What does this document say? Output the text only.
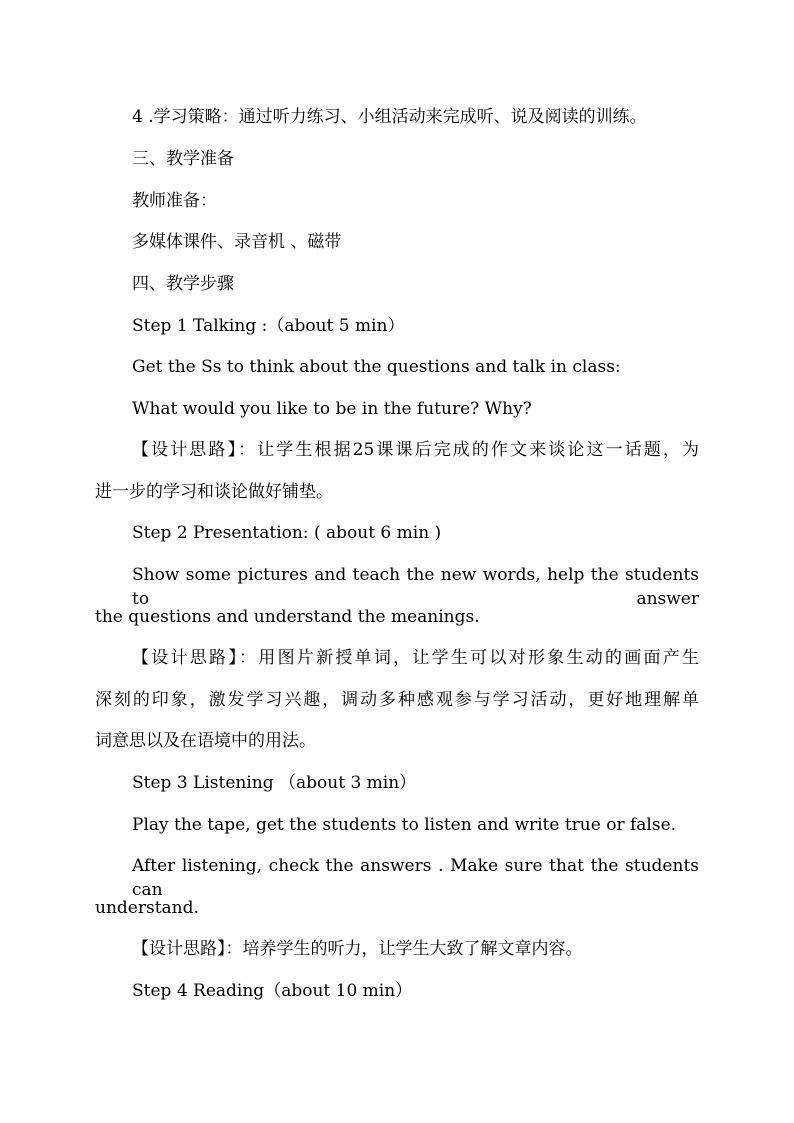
4 .学习策略：通过听力练习、小组活动来完成听、说及阅读的训练。
三、教学准备
教师准备：
多媒体课件、录音机 、磁带
四、教学步骤
Step 1 Talking :（about 5 min）
Get the Ss to think about the questions and talk in class:
What would you like to be in the future? Why?
【设计思路】：让学生根据25课课后完成的作文来谈论这一话题，为
进一步的学习和谈论做好铺垫。
Step 2 Presentation: ( about 6 min )
Show some pictures and teach the new words, help the students to answer
the questions and understand the meanings.
【设计思路】：用图片新授单词，让学生可以对形象生动的画面产生
深刻的印象，激发学习兴趣，调动多种感观参与学习活动，更好地理解单
词意思以及在语境中的用法。
Step 3 Listening （about 3 min）
Play the tape, get the students to listen and write true or false.
After listening, check the answers . Make sure that the students can
understand.
【设计思路】：培养学生的听力，让学生大致了解文章内容。
Step 4 Reading（about 10 min）
